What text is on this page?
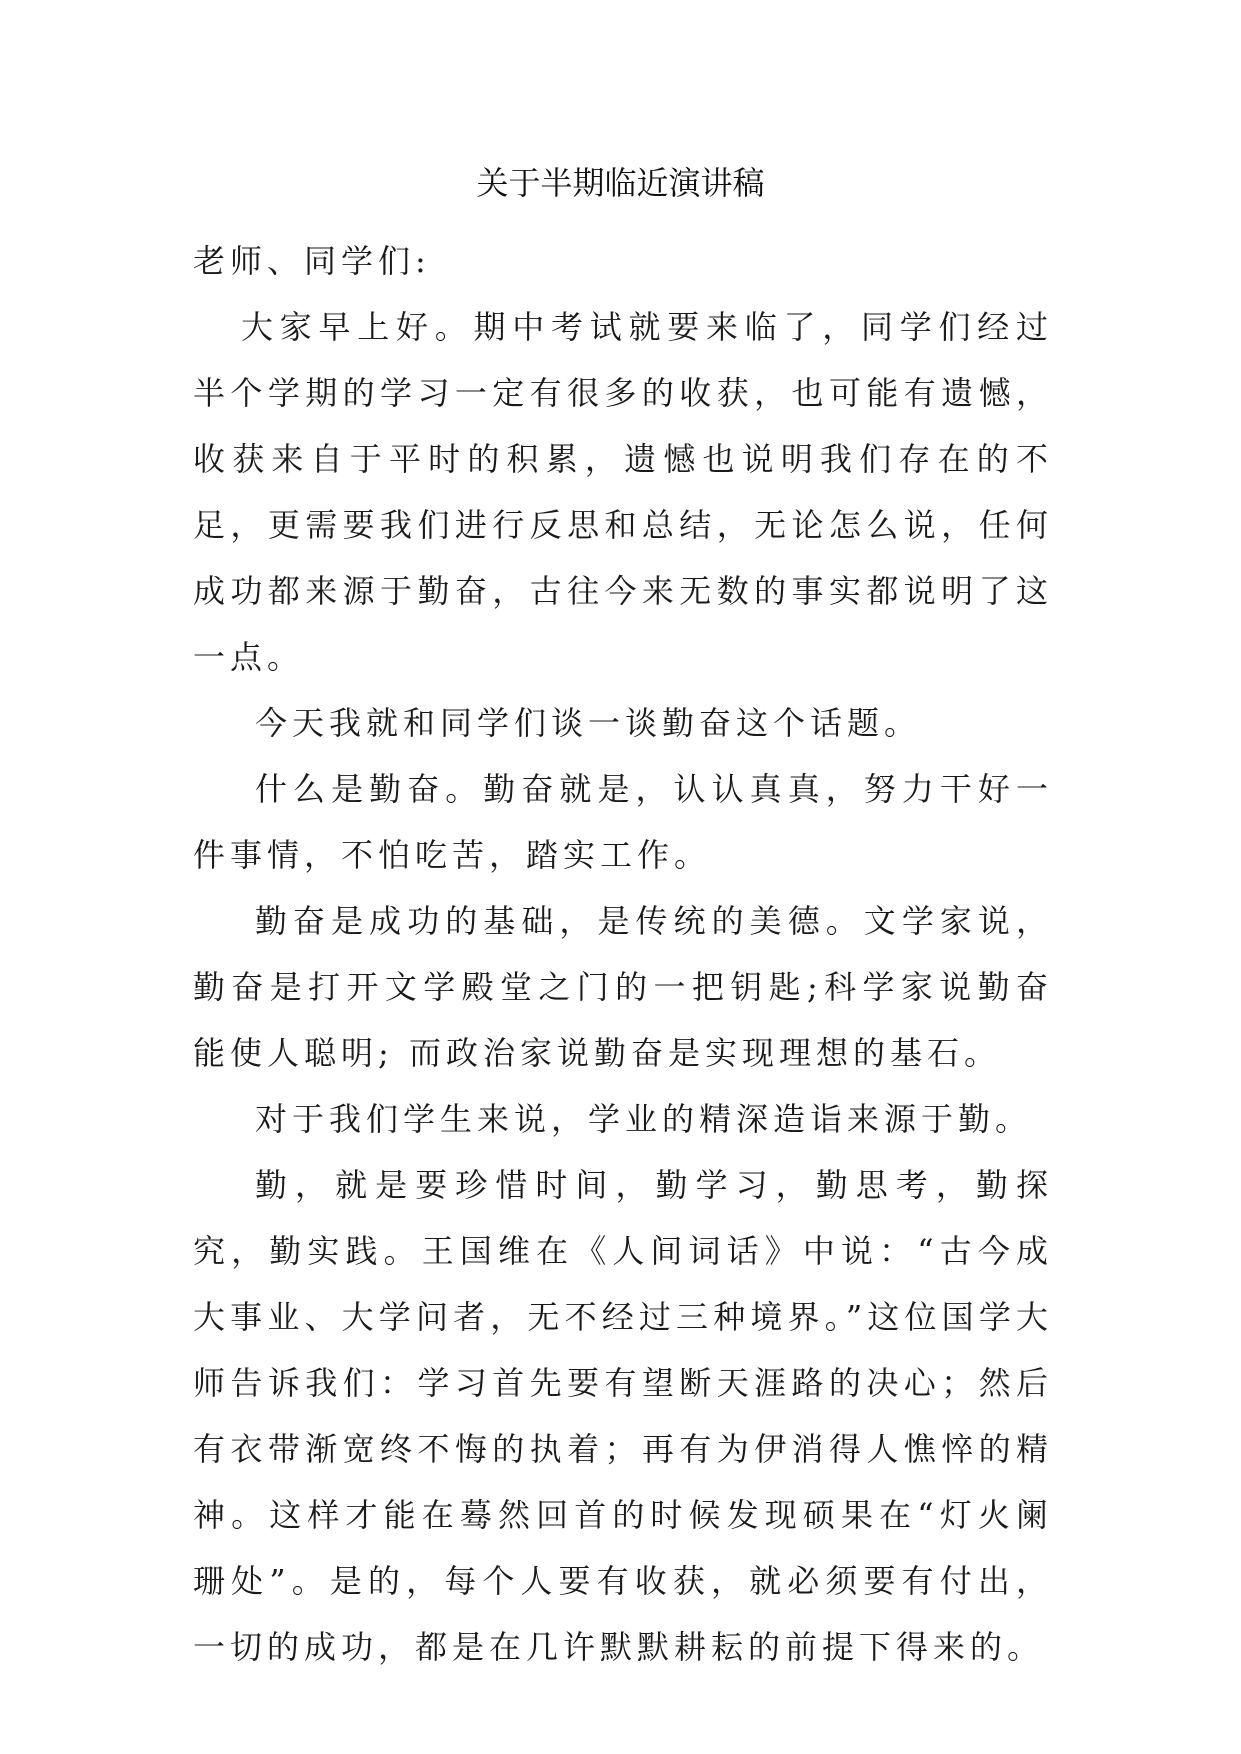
关于半期临近演讲稿

老师、同学们:

大家早上好。期中考试就要来临了，同学们经过半个学期的学习一定有很多的收获，也可能有遗憾，收获来自于平时的积累，遗憾也说明我们存在的不足，更需要我们进行反思和总结，无论怎么说，任何成功都来源于勤奋，古往今来无数的事实都说明了这一点。

今天我就和同学们谈一谈勤奋这个话题。

什么是勤奋。勤奋就是，认认真真，努力干好一件事情，不怕吃苦，踏实工作。

勤奋是成功的基础，是传统的美德。文学家说，勤奋是打开文学殿堂之门的一把钥匙;科学家说勤奋能使人聪明; 而政治家说勤奋是实现理想的基石。

对于我们学生来说，学业的精深造诣来源于勤。

勤，就是要珍惜时间，勤学习，勤思考，勤探究，勤实践。王国维在《人间词话》中说：“古今成大事业、大学问者，无不经过三种境界。”这位国学大师告诉我们：学习首先要有望断天涯路的决心；然后有衣带渐宽终不悔的执着；再有为伊消得人憔悴的精神。这样才能在蓦然回首的时候发现硕果在“灯火阑珊处”。是的，每个人要有收获，就必须要有付出，一切的成功，都是在几许默默耕耘的前提下得来的。
